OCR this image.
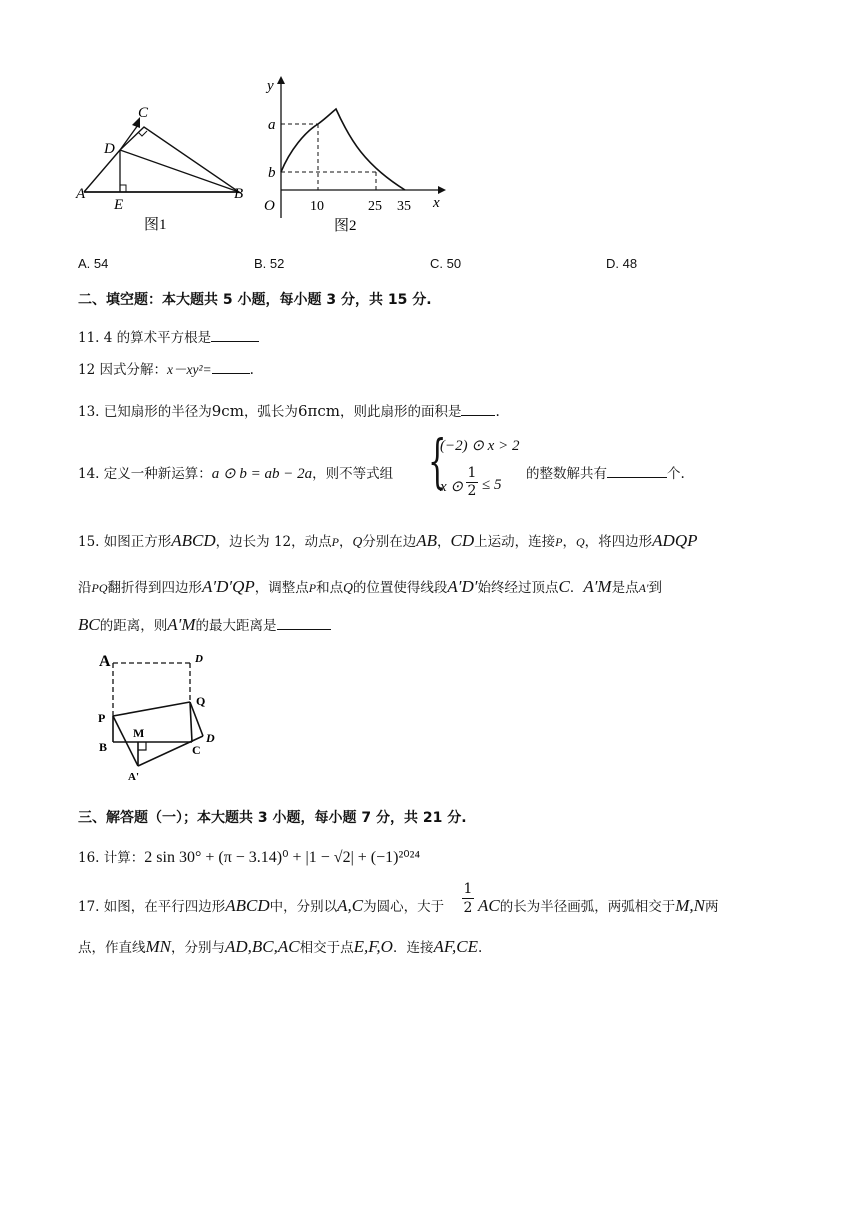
C
D
A
E
B
图1
y
a
b
O	10	25 35 x
图2
A. 54	B. 52	C. 50	D. 48
二、填空题：本大题共 5 小题，每小题 3 分，共 15 分.
11. 4 的算术平方根是
12 因式分解：x－xy²=	.
13. 已知扇形的半径为9cm，弧长为6πcm，则此扇形的面积是	.
14. 定义一种新运算：a ⊙ b = ab − 2a，则不等式组 {
(−2) ⊙ x > 2
x ⊙ $\frac{1}{2} \le 5$
的整数解共有	个.
15. 如图正方形ABCD，边长为 12，动点P，Q分别在边AB，CD上运动，连接P，Q，将四边形ADQP
沿PQ翻折得到四边形A′D′QP，调整点P和点Q的位置使得线段A′D′始终经过顶点C．A′M是点A′到
BC的距离，则A′M的最大距离是
A	D
Q
P
M
B	C
D
A'
三、解答题（一）；本大题共 3 小题，每小题 7 分，共 21 分.
16. 计算：2 sin 30° + (π − 3.14)⁰ + |1 − √2| + (−1)²⁰²⁴
17. 如图，在平行四边形ABCD中，分别以A,C为圆心，大于 $\frac{1}{2}$ AC的长为半径画弧，两弧相交于M,N两
点，作直线MN，分别与AD,BC,AC相交于点E,F,O．连接AF,CE.
